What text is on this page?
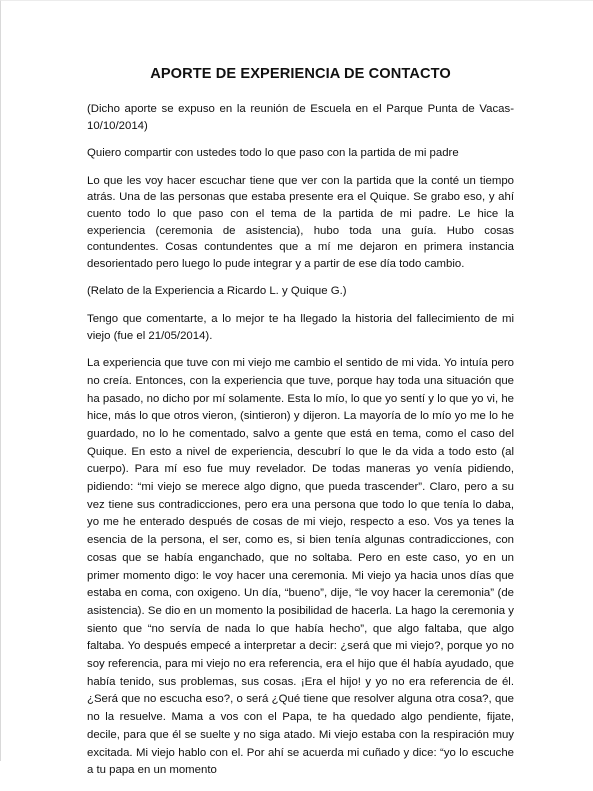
APORTE DE EXPERIENCIA DE CONTACTO

(Dicho aporte se expuso en la reunión de Escuela en el Parque Punta de Vacas- 10/10/2014)

Quiero compartir con ustedes todo lo que paso con la partida de mi padre

Lo que les voy hacer escuchar tiene que ver con la partida que la conté un tiempo atrás. Una de las personas que estaba presente era el Quique. Se grabo eso, y ahí cuento todo lo que paso con el tema de la partida de mi padre. Le hice la experiencia (ceremonia de asistencia), hubo toda una guía. Hubo cosas contundentes. Cosas contundentes que a mí me dejaron en primera instancia desorientado pero luego lo pude integrar y a partir de ese día todo cambio.

(Relato de la Experiencia a Ricardo L. y Quique G.)

Tengo que comentarte, a lo mejor te ha llegado la historia del fallecimiento de mi viejo (fue el 21/05/2014).

La experiencia que tuve con mi viejo me cambio el sentido de mi vida. Yo intuía pero no creía. Entonces, con la experiencia que tuve, porque hay toda una situación que ha pasado, no dicho por mí solamente. Esta lo mío, lo que yo sentí y lo que yo vi, he hice, más lo que otros vieron, (sintieron) y dijeron. La mayoría de lo mío yo me lo he guardado, no lo he comentado, salvo a gente que está en tema, como el caso del Quique. En esto a nivel de experiencia, descubrí lo que le da vida a todo esto (al cuerpo). Para mí eso fue muy revelador. De todas maneras yo venía pidiendo, pidiendo: “mi viejo se merece algo digno, que pueda trascender”. Claro, pero a su vez tiene sus contradicciones, pero era una persona que todo lo que tenía lo daba, yo me he enterado después de cosas de mi viejo, respecto a eso. Vos ya tenes la esencia de la persona, el ser, como es, si bien tenía algunas contradicciones, con cosas que se había enganchado, que no soltaba. Pero en este caso, yo en un primer momento digo: le voy hacer una ceremonia. Mi viejo ya hacia unos días que estaba en coma, con oxigeno. Un día, “bueno”, dije, “le voy hacer la ceremonia” (de asistencia). Se dio en un momento la posibilidad de hacerla. La hago la ceremonia y siento que “no servía de nada lo que había hecho”, que algo faltaba, que algo faltaba. Yo después empecé a interpretar a decir: ¿será que mi viejo?, porque yo no soy referencia, para mi viejo no era referencia, era el hijo que él había ayudado, que había tenido, sus problemas, sus cosas. ¡Era el hijo! y yo no era referencia de él. ¿Será que no escucha eso?, o será ¿Qué tiene que resolver alguna otra cosa?, que no la resuelve. Mama a vos con el Papa, te ha quedado algo pendiente, fijate, decile, para que él se suelte y no siga atado. Mi viejo estaba con la respiración muy excitada. Mi viejo hablo con el. Por ahí se acuerda mi cuñado y dice: “yo lo escuche a tu papa en un momento
